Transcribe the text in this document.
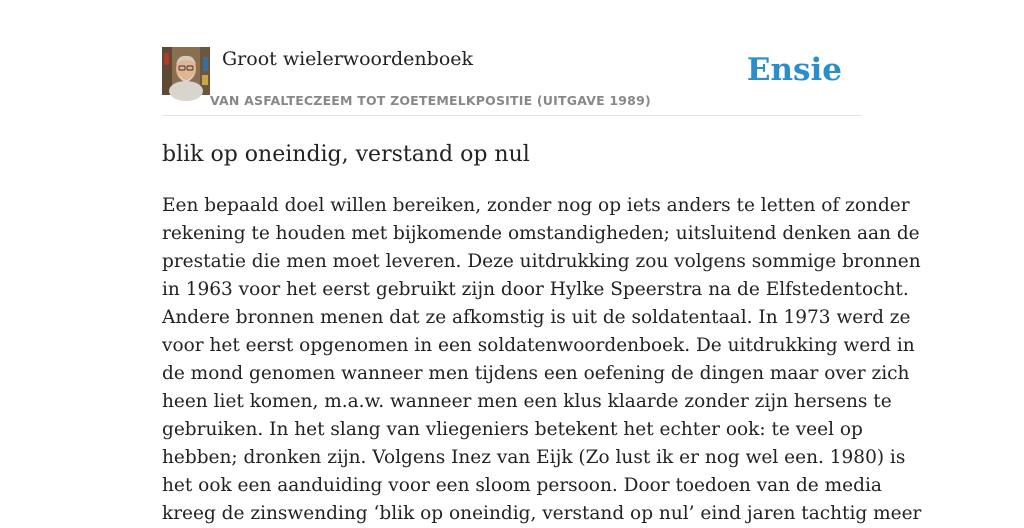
Groot wielerwoordenboek
VAN ASFALTECZEEM TOT ZOETEMELKPOSITIE (UITGAVE 1989)
Ensie
blik op oneindig, verstand op nul
Een bepaald doel willen bereiken, zonder nog op iets anders te letten of zonder
rekening te houden met bijkomende omstandigheden; uitsluitend denken aan de
prestatie die men moet leveren. Deze uitdrukking zou volgens sommige bronnen
in 1963 voor het eerst gebruikt zijn door Hylke Speerstra na de Elfstedentocht.
Andere bronnen menen dat ze afkomstig is uit de soldatentaal. In 1973 werd ze
voor het eerst opgenomen in een soldatenwoordenboek. De uitdrukking werd in
de mond genomen wanneer men tijdens een oefening de dingen maar over zich
heen liet komen, m.a.w. wanneer men een klus klaarde zonder zijn hersens te
gebruiken. In het slang van vliegeniers betekent het echter ook: te veel op
hebben; dronken zijn. Volgens Inez van Eijk (Zo lust ik er nog wel een. 1980) is
het ook een aanduiding voor een sloom persoon. Door toedoen van de media
kreeg de zinswending ‘blik op oneindig, verstand op nul’ eind jaren tachtig meer
